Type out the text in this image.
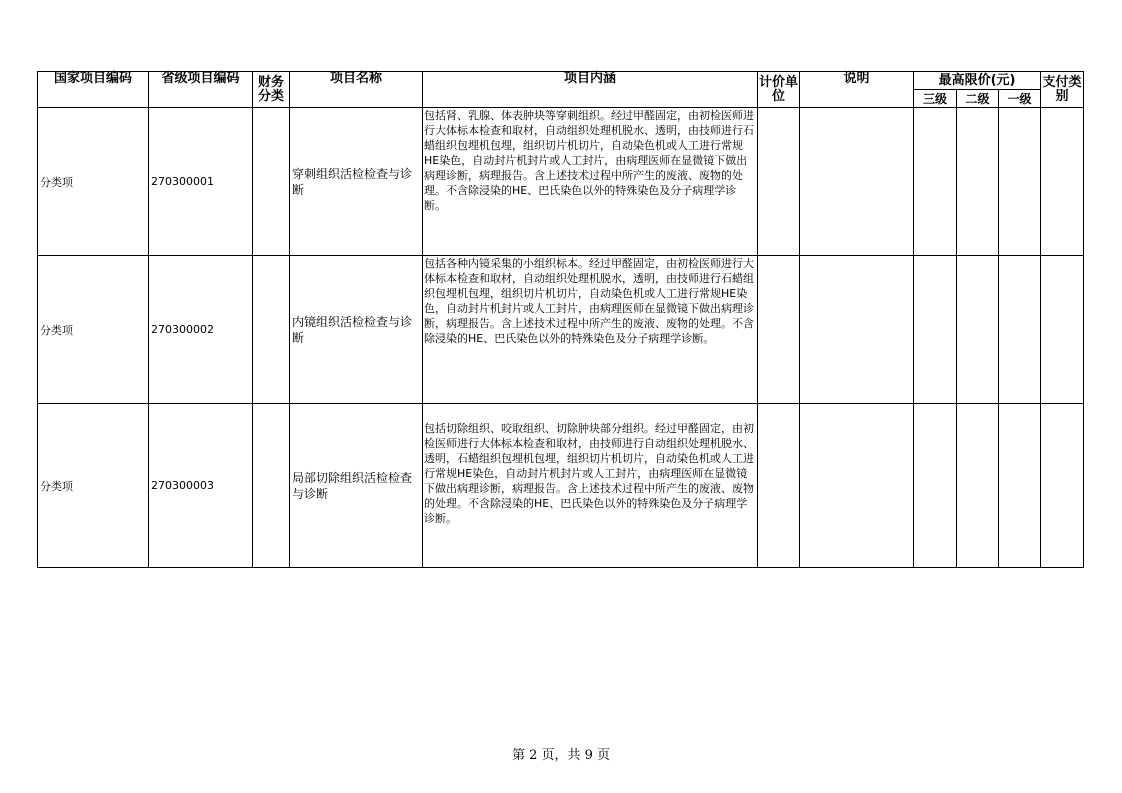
国家项目编码	省级项目编码	财务分类	项目名称	项目内涵	计价单位	说明	最高限价(元)			支付类别
							三级	二级	一级	

分类项	270300001		穿刺组织活检检查与诊断	包括肾、乳腺、体表肿块等穿刺组织。经过甲醛固定，由初检医师进行大体标本检查和取材，自动组织处理机脱水、透明，由技师进行石蜡组织包埋机包埋，组织切片机切片，自动染色机或人工进行常规HE染色，自动封片机封片或人工封片，由病理医师在显微镜下做出病理诊断，病理报告。含上述技术过程中所产生的废液、废物的处理。不含除浸染的HE、巴氏染色以外的特殊染色及分子病理学诊断。						

分类项	270300002		内镜组织活检检查与诊断	包括各种内镜采集的小组织标本。经过甲醛固定，由初检医师进行大体标本检查和取材，自动组织处理机脱水，透明，由技师进行石蜡组织包埋机包埋，组织切片机切片，自动染色机或人工进行常规HE染色，自动封片机封片或人工封片，由病理医师在显微镜下做出病理诊断，病理报告。含上述技术过程中所产生的废液、废物的处理。不含除浸染的HE、巴氏染色以外的特殊染色及分子病理学诊断。						

分类项	270300003		局部切除组织活检检查与诊断	包括切除组织、咬取组织、切除肿块部分组织。经过甲醛固定，由初检医师进行大体标本检查和取材，由技师进行自动组织处理机脱水、透明，石蜡组织包埋机包埋，组织切片机切片，自动染色机或人工进行常规HE染色，自动封片机封片或人工封片，由病理医师在显微镜下做出病理诊断，病理报告。含上述技术过程中所产生的废液、废物的处理。不含除浸染的HE、巴氏染色以外的特殊染色及分子病理学诊断。						

第 2 页，共 9 页
